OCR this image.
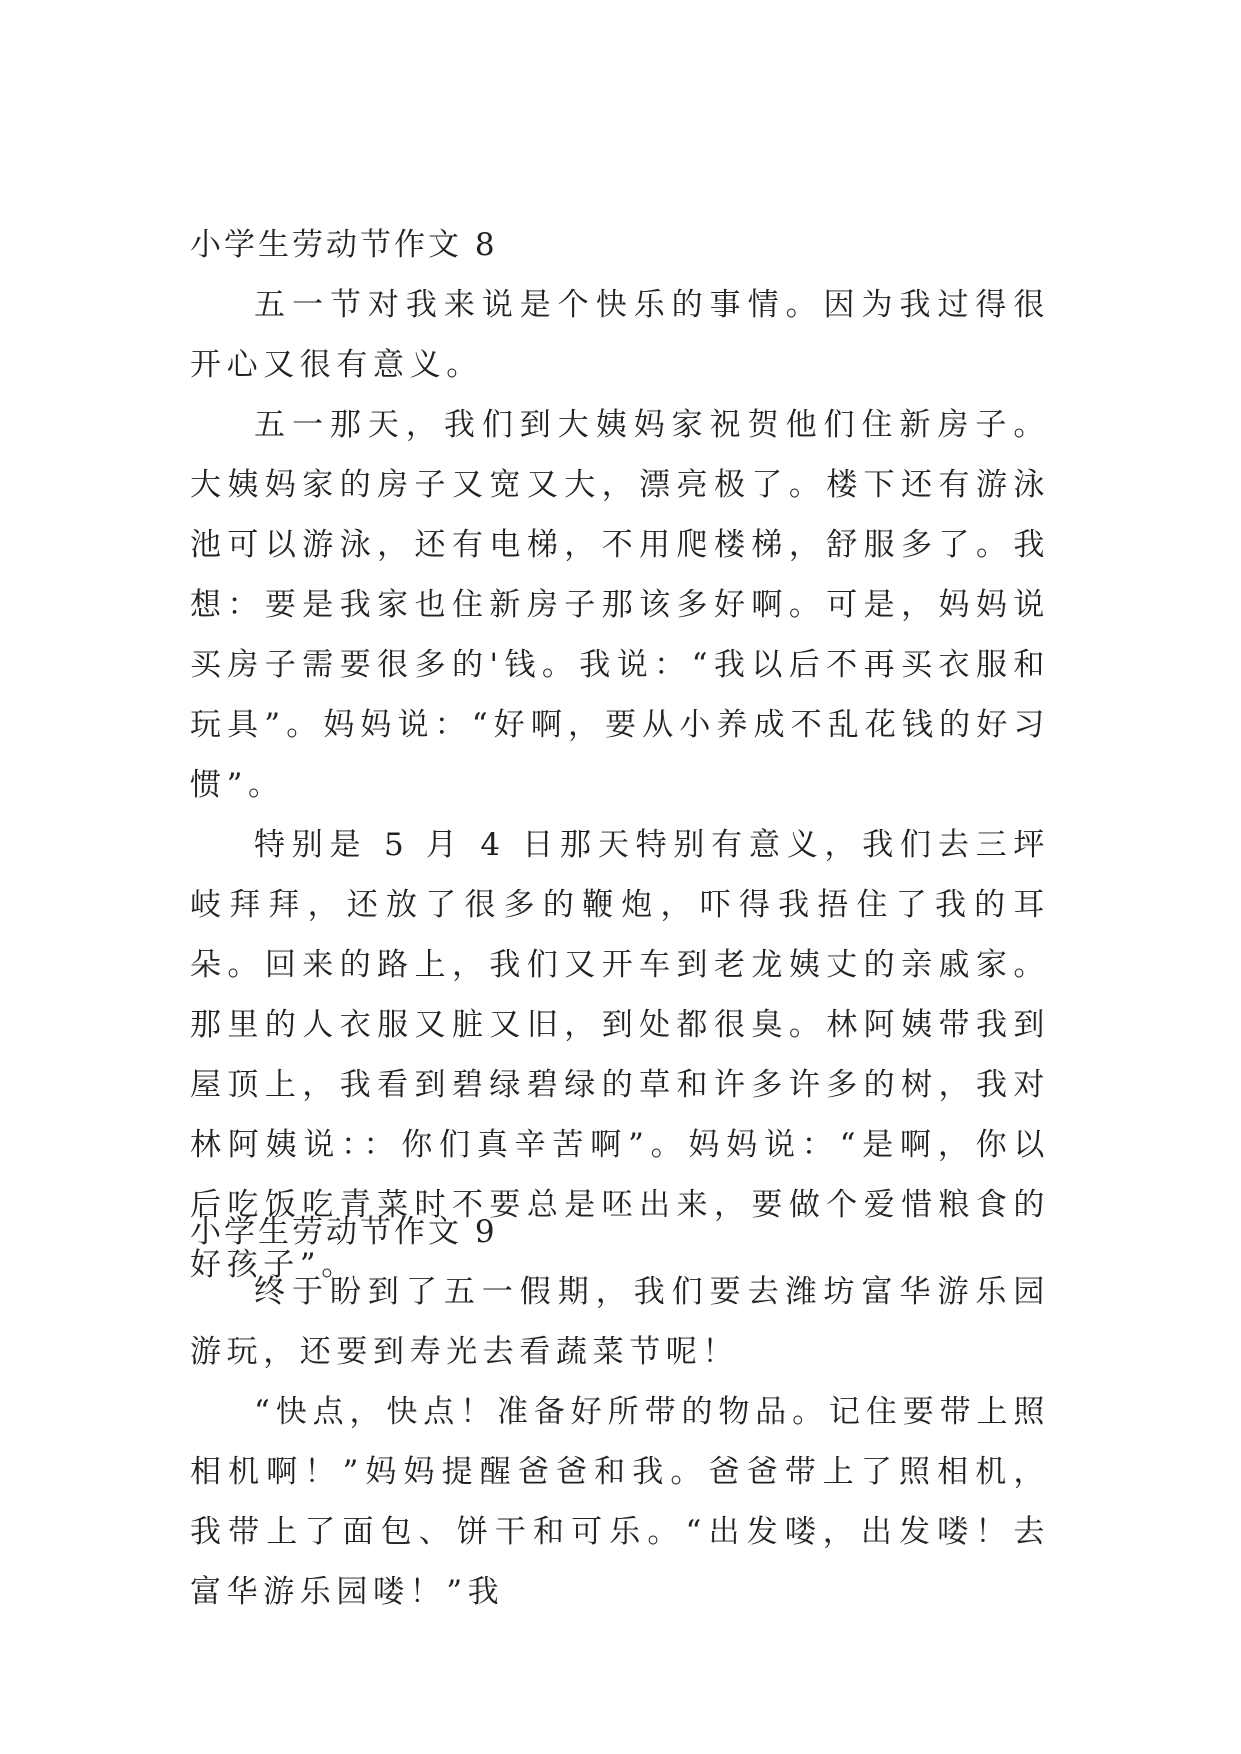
小学生劳动节作文 8

五一节对我来说是个快乐的事情。因为我过得很开心又很有意义。

五一那天，我们到大姨妈家祝贺他们住新房子。大姨妈家的房子又宽又大，漂亮极了。楼下还有游泳池可以游泳，还有电梯，不用爬楼梯，舒服多了。我想：要是我家也住新房子那该多好啊。可是，妈妈说买房子需要很多的'钱。我说：“我以后不再买衣服和玩具”。妈妈说：“好啊，要从小养成不乱花钱的好习惯”。

特别是 5 月 4 日那天特别有意义，我们去三坪岐拜拜，还放了很多的鞭炮，吓得我捂住了我的耳朵。回来的路上，我们又开车到老龙姨丈的亲戚家。那里的人衣服又脏又旧，到处都很臭。林阿姨带我到屋顶上，我看到碧绿碧绿的草和许多许多的树，我对林阿姨说：：你们真辛苦啊”。妈妈说：“是啊，你以后吃饭吃青菜时不要总是呸出来，要做个爱惜粮食的好孩子”。

小学生劳动节作文 9

终于盼到了五一假期，我们要去潍坊富华游乐园游玩，还要到寿光去看蔬菜节呢！

“快点，快点！准备好所带的物品。记住要带上照相机啊！”妈妈提醒爸爸和我。爸爸带上了照相机，我带上了面包、饼干和可乐。“出发喽，出发喽！去富华游乐园喽！”我
